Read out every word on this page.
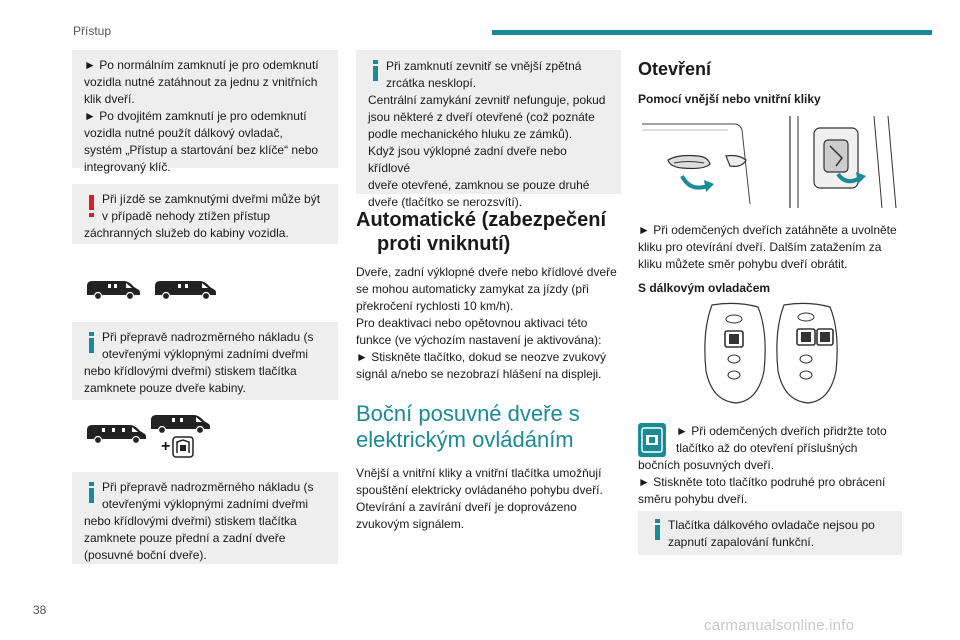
Přístup
► Po normálním zamknutí je pro odemknutí
vozidla nutné zatáhnout za jednu z vnitřních
klik dveří.
► Po dvojitém zamknutí je pro odemknutí
vozidla nutné použít dálkový ovladač,
systém „Přístup a startování bez klíče“ nebo
integrovaný klíč.
Při jízdě se zamknutými dveřmi může být
v případě nehody ztížen přístup
záchranných služeb do kabiny vozidla.
Při přepravě nadrozměrného nákladu (s
otevřenými výklopnými zadními dveřmi
nebo křídlovými dveřmi) stiskem tlačítka
zamknete pouze dveře kabiny.
+
Při přepravě nadrozměrného nákladu (s
otevřenými výklopnými zadními dveřmi
nebo křídlovými dveřmi) stiskem tlačítka
zamknete pouze přední a zadní dveře
(posuvné boční dveře).
Při zamknutí zevnitř se vnější zpětná
zrcátka nesklopí.
Centrální zamykání zevnitř nefunguje, pokud
jsou některé z dveří otevřené (což poznáte
podle mechanického hluku ze zámků).
Když jsou výklopné zadní dveře nebo křídlové
dveře otevřené, zamknou se pouze druhé
dveře (tlačítko se nerozsvítí).
Automatické (zabezpečení
proti vniknutí)
Dveře, zadní výklopné dveře nebo křídlové dveře
se mohou automaticky zamykat za jízdy (při
překročení rychlosti 10 km/h).
Pro deaktivaci nebo opětovnou aktivaci této
funkce (ve výchozím nastavení je aktivována):
► Stiskněte tlačítko, dokud se neozve zvukový
signál a/nebo se nezobrazí hlášení na displeji.
Boční posuvné dveře s
elektrickým ovládáním
Vnější a vnitřní kliky a vnitřní tlačítka umožňují
spouštění elektricky ovládaného pohybu dveří.
Otevírání a zavírání dveří je doprovázeno
zvukovým signálem.
Otevření
Pomocí vnější nebo vnitřní kliky
► Při odemčených dveřích zatáhněte a uvolněte
kliku pro otevírání dveří. Dalším zatažením za
kliku můžete směr pohybu dveří obrátit.
S dálkovým ovladačem
► Při odemčených dveřích přidržte toto
tlačítko až do otevření příslušných
bočních posuvných dveří.
► Stiskněte toto tlačítko podruhé pro obrácení
směru pohybu dveří.
Tlačítka dálkového ovladače nejsou po
zapnutí zapalování funkční.
38
carmanualsonline.info
